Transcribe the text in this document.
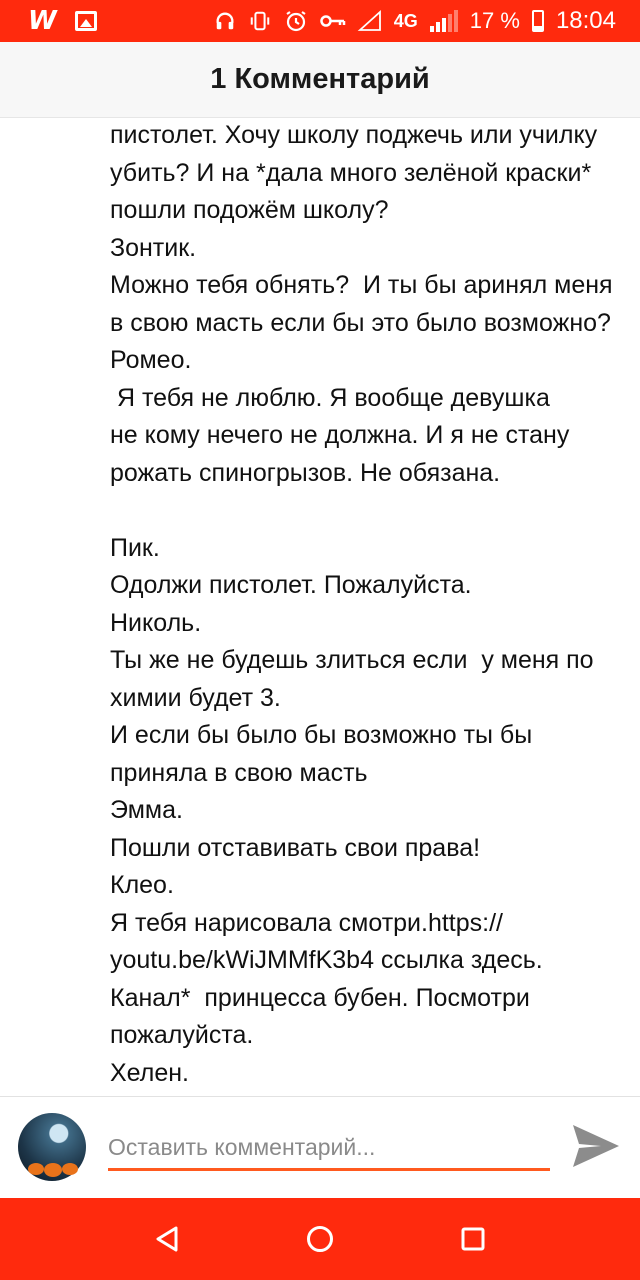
W	4G 17 % 18:04
1 Комментарий
пистолет. Хочу школу поджечь или училку
убить? И на *дала много зелёной краски*
пошли подожём школу?
Зонтик.
Можно тебя обнять?  И ты бы аринял меня
в свою масть если бы это было возможно?
Ромео.
Я тебя не люблю. Я вообще девушка
не кому нечего не должна. И я не стану
рожать спиногрызов. Не обязана.

Пик.
Одолжи пистолет. Пожалуйста.
Николь.
Ты же не будешь злиться если  у меня по
химии будет 3.
И если бы было бы возможно ты бы
приняла в свою масть
Эмма.
Пошли отставивать свои права!
Клео.
Я тебя нарисовала смотри.https://
youtu.be/kWiJMMfK3b4 ссылка здесь.
Канал*  принцесса бубен. Посмотри
пожалуйста.
Хелен.

Оставить комментарий...
